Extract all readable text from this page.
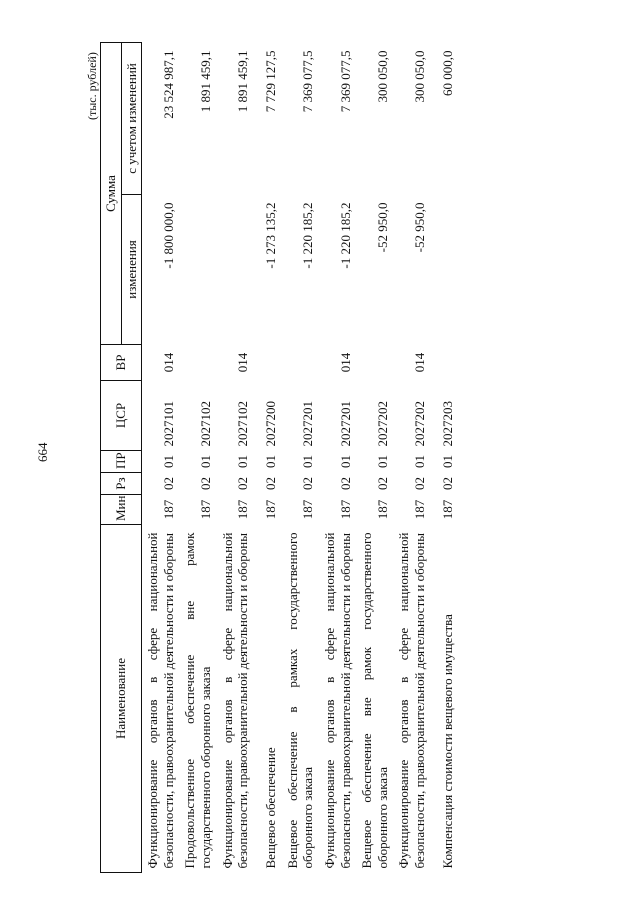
664
(тыс. рублей)
Наименование	Мин	Рз	ПР	ЦСР	ВР	Сумма	
						изменения	с учетом изменений
Функционирование органов в сфере национальной безопасности, правоохранительной деятельности и обороны	187	02	01	2027101	014	-1 800 000,0	23 524 987,1
Продовольственное обеспечение вне рамок государственного оборонного заказа	187	02	01	2027102			1 891 459,1
Функционирование органов в сфере национальной безопасности, правоохранительной деятельности и обороны	187	02	01	2027102	014		1 891 459,1
Вещевое обеспечение	187	02	01	2027200		-1 273 135,2	7 729 127,5
Вещевое обеспечение в рамках государственного оборонного заказа	187	02	01	2027201		-1 220 185,2	7 369 077,5
Функционирование органов в сфере национальной безопасности, правоохранительной деятельности и обороны	187	02	01	2027201	014	-1 220 185,2	7 369 077,5
Вещевое обеспечение вне рамок государственного оборонного заказа	187	02	01	2027202		-52 950,0	300 050,0
Функционирование органов в сфере национальной безопасности, правоохранительной деятельности и обороны	187	02	01	2027202	014	-52 950,0	300 050,0
Компенсация стоимости вещевого имущества	187	02	01	2027203			60 000,0
